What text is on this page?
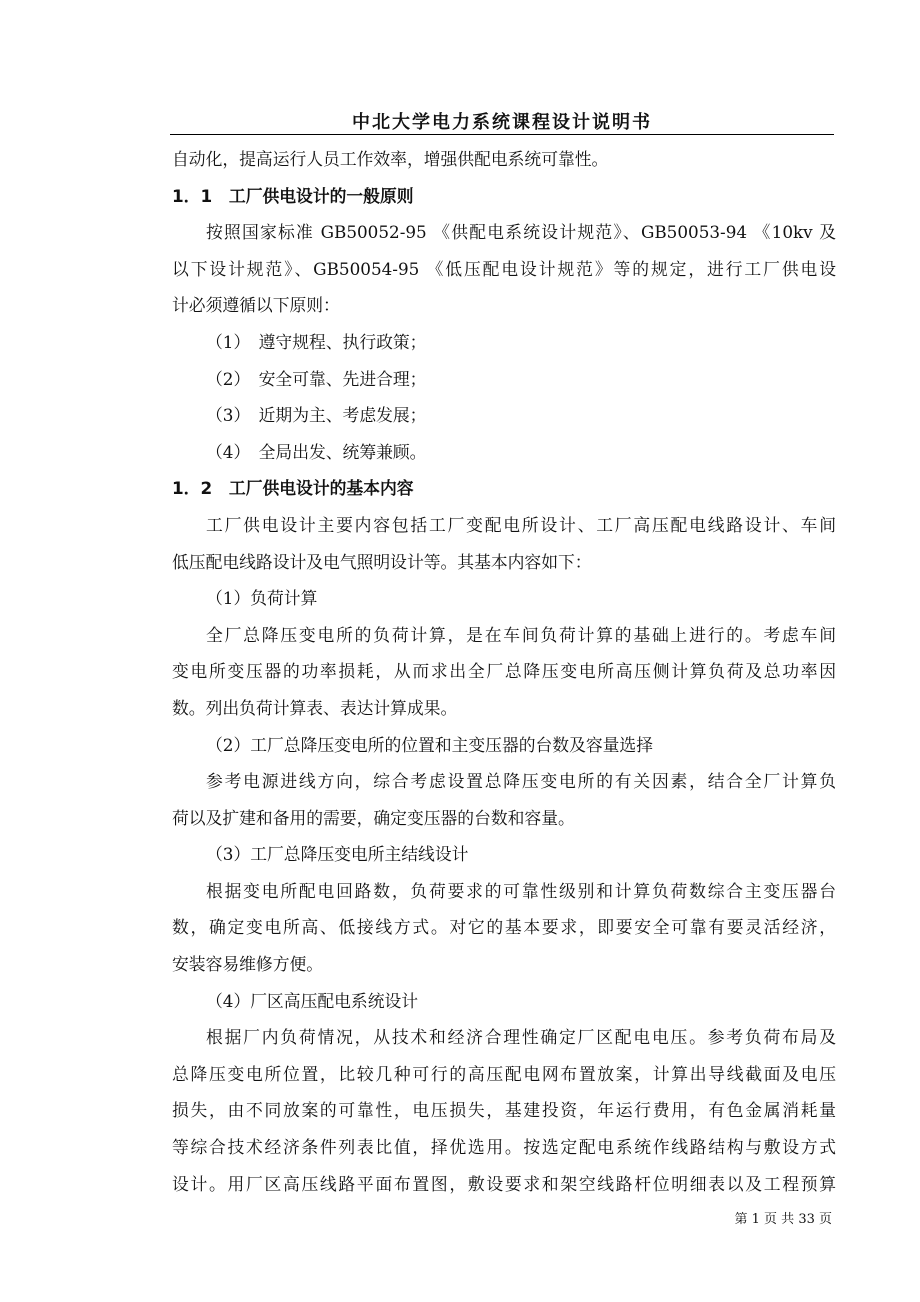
中北大学电力系统课程设计说明书
自动化，提高运行人员工作效率，增强供配电系统可靠性。
1．1　工厂供电设计的一般原则
按照国家标准 GB50052-95 《供配电系统设计规范》、GB50053-94 《10kv 及
以下设计规范》、GB50054-95 《低压配电设计规范》等的规定，进行工厂供电设
计必须遵循以下原则：
（1）　遵守规程、执行政策；
（2）　安全可靠、先进合理；
（3）　近期为主、考虑发展；
（4）　全局出发、统筹兼顾。
1．2　工厂供电设计的基本内容
工厂供电设计主要内容包括工厂变配电所设计、工厂高压配电线路设计、车间
低压配电线路设计及电气照明设计等。其基本内容如下：
（1）负荷计算
全厂总降压变电所的负荷计算，是在车间负荷计算的基础上进行的。考虑车间
变电所变压器的功率损耗，从而求出全厂总降压变电所高压侧计算负荷及总功率因
数。列出负荷计算表、表达计算成果。
（2）工厂总降压变电所的位置和主变压器的台数及容量选择
参考电源进线方向，综合考虑设置总降压变电所的有关因素，结合全厂计算负
荷以及扩建和备用的需要，确定变压器的台数和容量。
（3）工厂总降压变电所主结线设计
根据变电所配电回路数，负荷要求的可靠性级别和计算负荷数综合主变压器台
数，确定变电所高、低接线方式。对它的基本要求，即要安全可靠有要灵活经济，
安装容易维修方便。
（4）厂区高压配电系统设计
根据厂内负荷情况，从技术和经济合理性确定厂区配电电压。参考负荷布局及
总降压变电所位置，比较几种可行的高压配电网布置放案，计算出导线截面及电压
损失，由不同放案的可靠性，电压损失，基建投资，年运行费用，有色金属消耗量
等综合技术经济条件列表比值，择优选用。按选定配电系统作线路结构与敷设方式
设计。用厂区高压线路平面布置图，敷设要求和架空线路杆位明细表以及工程预算
第 1 页 共 33 页
